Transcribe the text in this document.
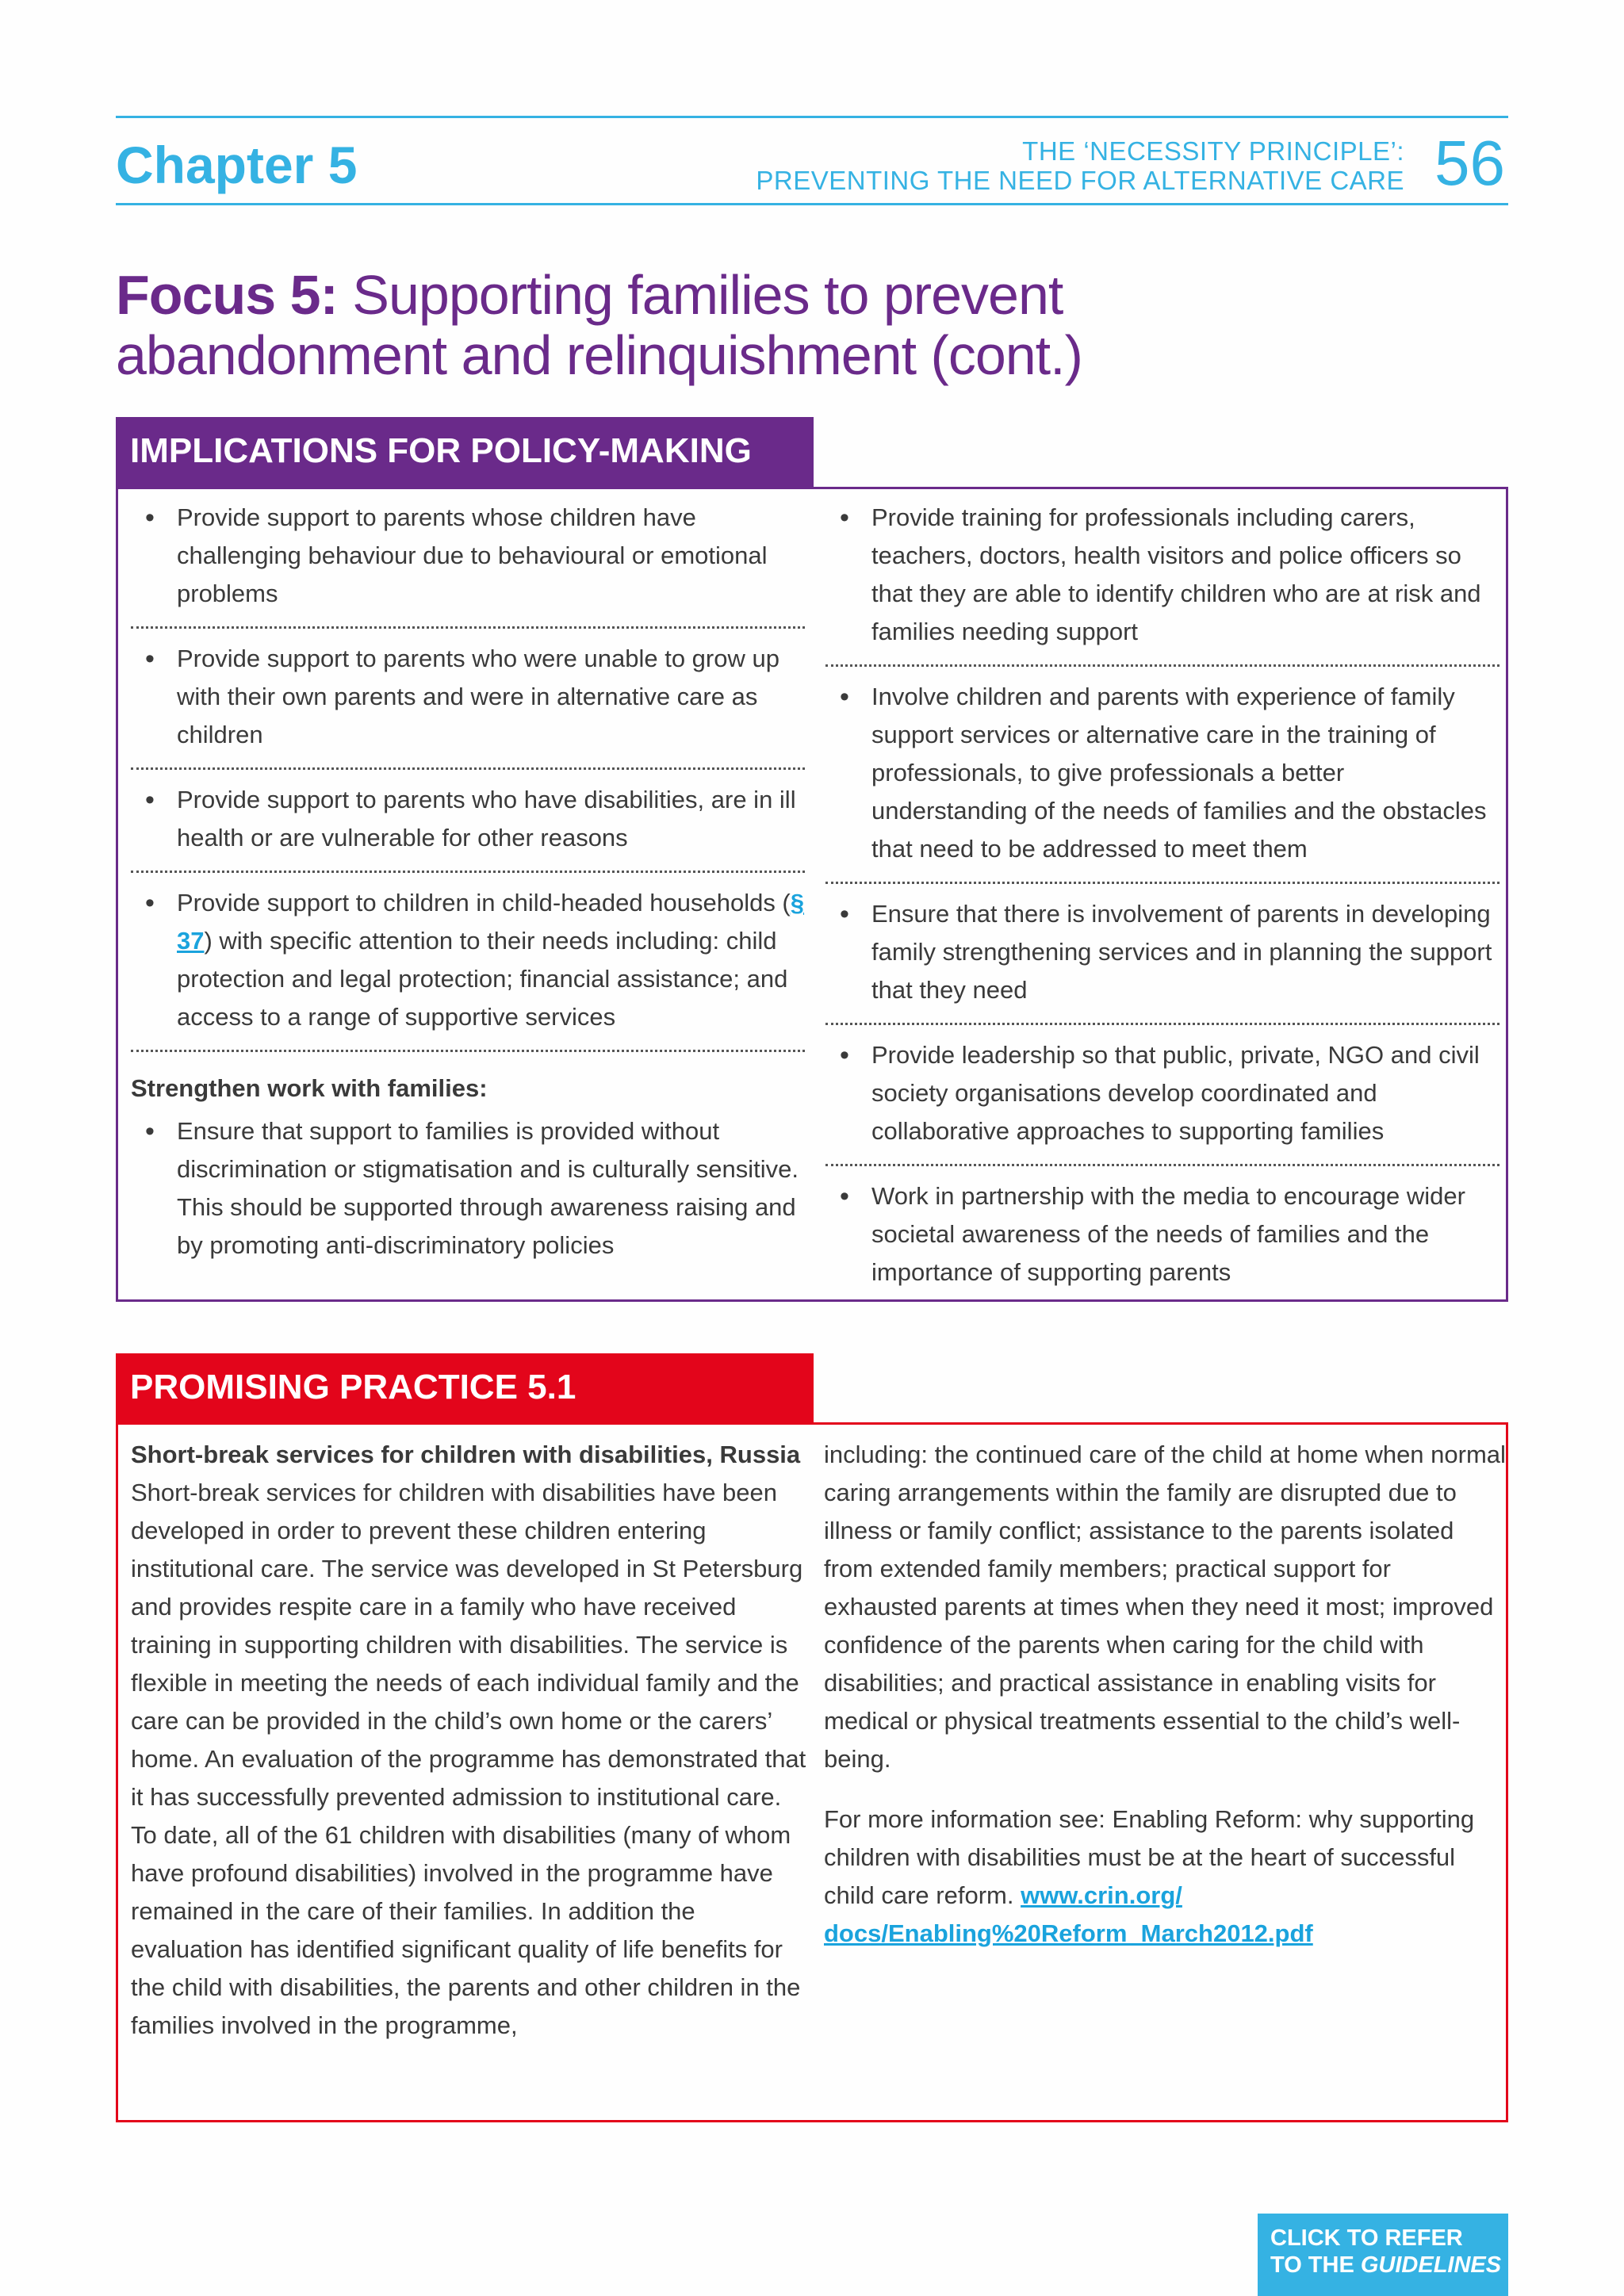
Chapter 5	THE ‘NECESSITY PRINCIPLE’:
PREVENTING THE NEED FOR ALTERNATIVE CARE 56
Focus 5: Supporting families to prevent
abandonment and relinquishment (cont.)
IMPLICATIONS FOR POLICY-MAKING
• Provide support to parents whose children have challenging behaviour due to behavioural or emotional problems
• Provide support to parents who were unable to grow up with their own parents and were in alternative care as children
• Provide support to parents who have disabilities, are in ill health or are vulnerable for other reasons
• Provide support to children in child-headed households (§ 37) with specific attention to their needs including: child protection and legal protection; financial assistance; and access to a range of supportive services
Strengthen work with families:
• Ensure that support to families is provided without discrimination or stigmatisation and is culturally sensitive. This should be supported through awareness raising and by promoting anti-discriminatory policies
• Provide training for professionals including carers, teachers, doctors, health visitors and police officers so that they are able to identify children who are at risk and families needing support
• Involve children and parents with experience of family support services or alternative care in the training of professionals, to give professionals a better understanding of the needs of families and the obstacles that need to be addressed to meet them
• Ensure that there is involvement of parents in developing family strengthening services and in planning the support that they need
• Provide leadership so that public, private, NGO and civil society organisations develop coordinated and collaborative approaches to supporting families
• Work in partnership with the media to encourage wider societal awareness of the needs of families and the importance of supporting parents
PROMISING PRACTICE 5.1
Short-break services for children with disabilities, Russia

Short-break services for children with disabilities have been developed in order to prevent these children entering institutional care. The service was developed in St Petersburg and provides respite care in a family who have received training in supporting children with disabilities. The service is flexible in meeting the needs of each individual family and the care can be provided in the child’s own home or the carers’ home. An evaluation of the programme has demonstrated that it has successfully prevented admission to institutional care. To date, all of the 61 children with disabilities (many of whom have profound disabilities) involved in the programme have remained in the care of their families. In addition the evaluation has identified significant quality of life benefits for the child with disabilities, the parents and other children in the families involved in the programme,

including: the continued care of the child at home when normal caring arrangements within the family are disrupted due to illness or family conflict; assistance to the parents isolated from extended family members; practical support for exhausted parents at times when they need it most; improved confidence of the parents when caring for the child with disabilities; and practical assistance in enabling visits for medical or physical treatments essential to the child’s well-being.

For more information see: Enabling Reform: why supporting children with disabilities must be at the heart of successful child care reform. www.crin.org/
docs/Enabling%20Reform_March2012.pdf

CLICK TO REFER
TO THE GUIDELINES
